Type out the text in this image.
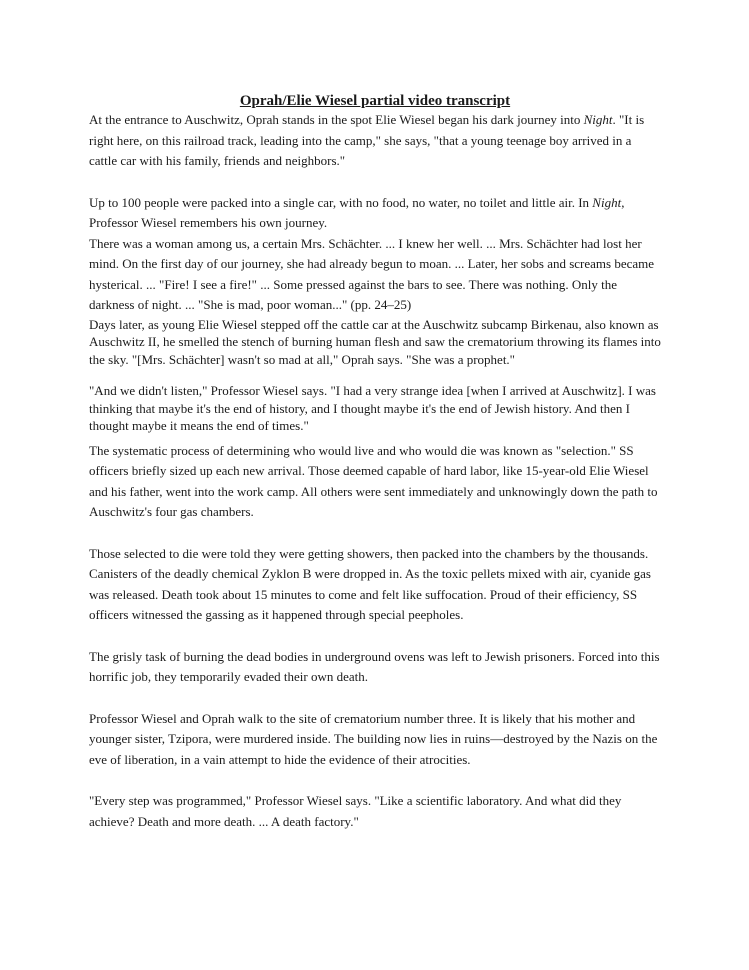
Oprah/Elie Wiesel partial video transcript

At the entrance to Auschwitz, Oprah stands in the spot Elie Wiesel began his dark journey into Night. "It is right here, on this railroad track, leading into the camp," she says, "that a young teenage boy arrived in a cattle car with his family, friends and neighbors."

Up to 100 people were packed into a single car, with no food, no water, no toilet and little air. In Night, Professor Wiesel remembers his own journey.

There was a woman among us, a certain Mrs. Schächter. ... I knew her well. ... Mrs. Schächter had lost her mind. On the first day of our journey, she had already begun to moan. ... Later, her sobs and screams became hysterical. ... "Fire! I see a fire!" ... Some pressed against the bars to see. There was nothing. Only the darkness of night. ... "She is mad, poor woman..." (pp. 24–25)

Days later, as young Elie Wiesel stepped off the cattle car at the Auschwitz subcamp Birkenau, also known as Auschwitz II, he smelled the stench of burning human flesh and saw the crematorium throwing its flames into the sky. "[Mrs. Schächter] wasn't so mad at all," Oprah says. "She was a prophet."

"And we didn't listen," Professor Wiesel says. "I had a very strange idea [when I arrived at Auschwitz]. I was thinking that maybe it's the end of history, and I thought maybe it's the end of Jewish history. And then I thought maybe it means the end of times."

The systematic process of determining who would live and who would die was known as "selection." SS officers briefly sized up each new arrival. Those deemed capable of hard labor, like 15-year-old Elie Wiesel and his father, went into the work camp. All others were sent immediately and unknowingly down the path to Auschwitz's four gas chambers.

Those selected to die were told they were getting showers, then packed into the chambers by the thousands. Canisters of the deadly chemical Zyklon B were dropped in. As the toxic pellets mixed with air, cyanide gas was released. Death took about 15 minutes to come and felt like suffocation. Proud of their efficiency, SS officers witnessed the gassing as it happened through special peepholes.

The grisly task of burning the dead bodies in underground ovens was left to Jewish prisoners. Forced into this horrific job, they temporarily evaded their own death.

Professor Wiesel and Oprah walk to the site of crematorium number three. It is likely that his mother and younger sister, Tzipora, were murdered inside. The building now lies in ruins—destroyed by the Nazis on the eve of liberation, in a vain attempt to hide the evidence of their atrocities.

"Every step was programmed," Professor Wiesel says. "Like a scientific laboratory. And what did they achieve? Death and more death. ... A death factory."
